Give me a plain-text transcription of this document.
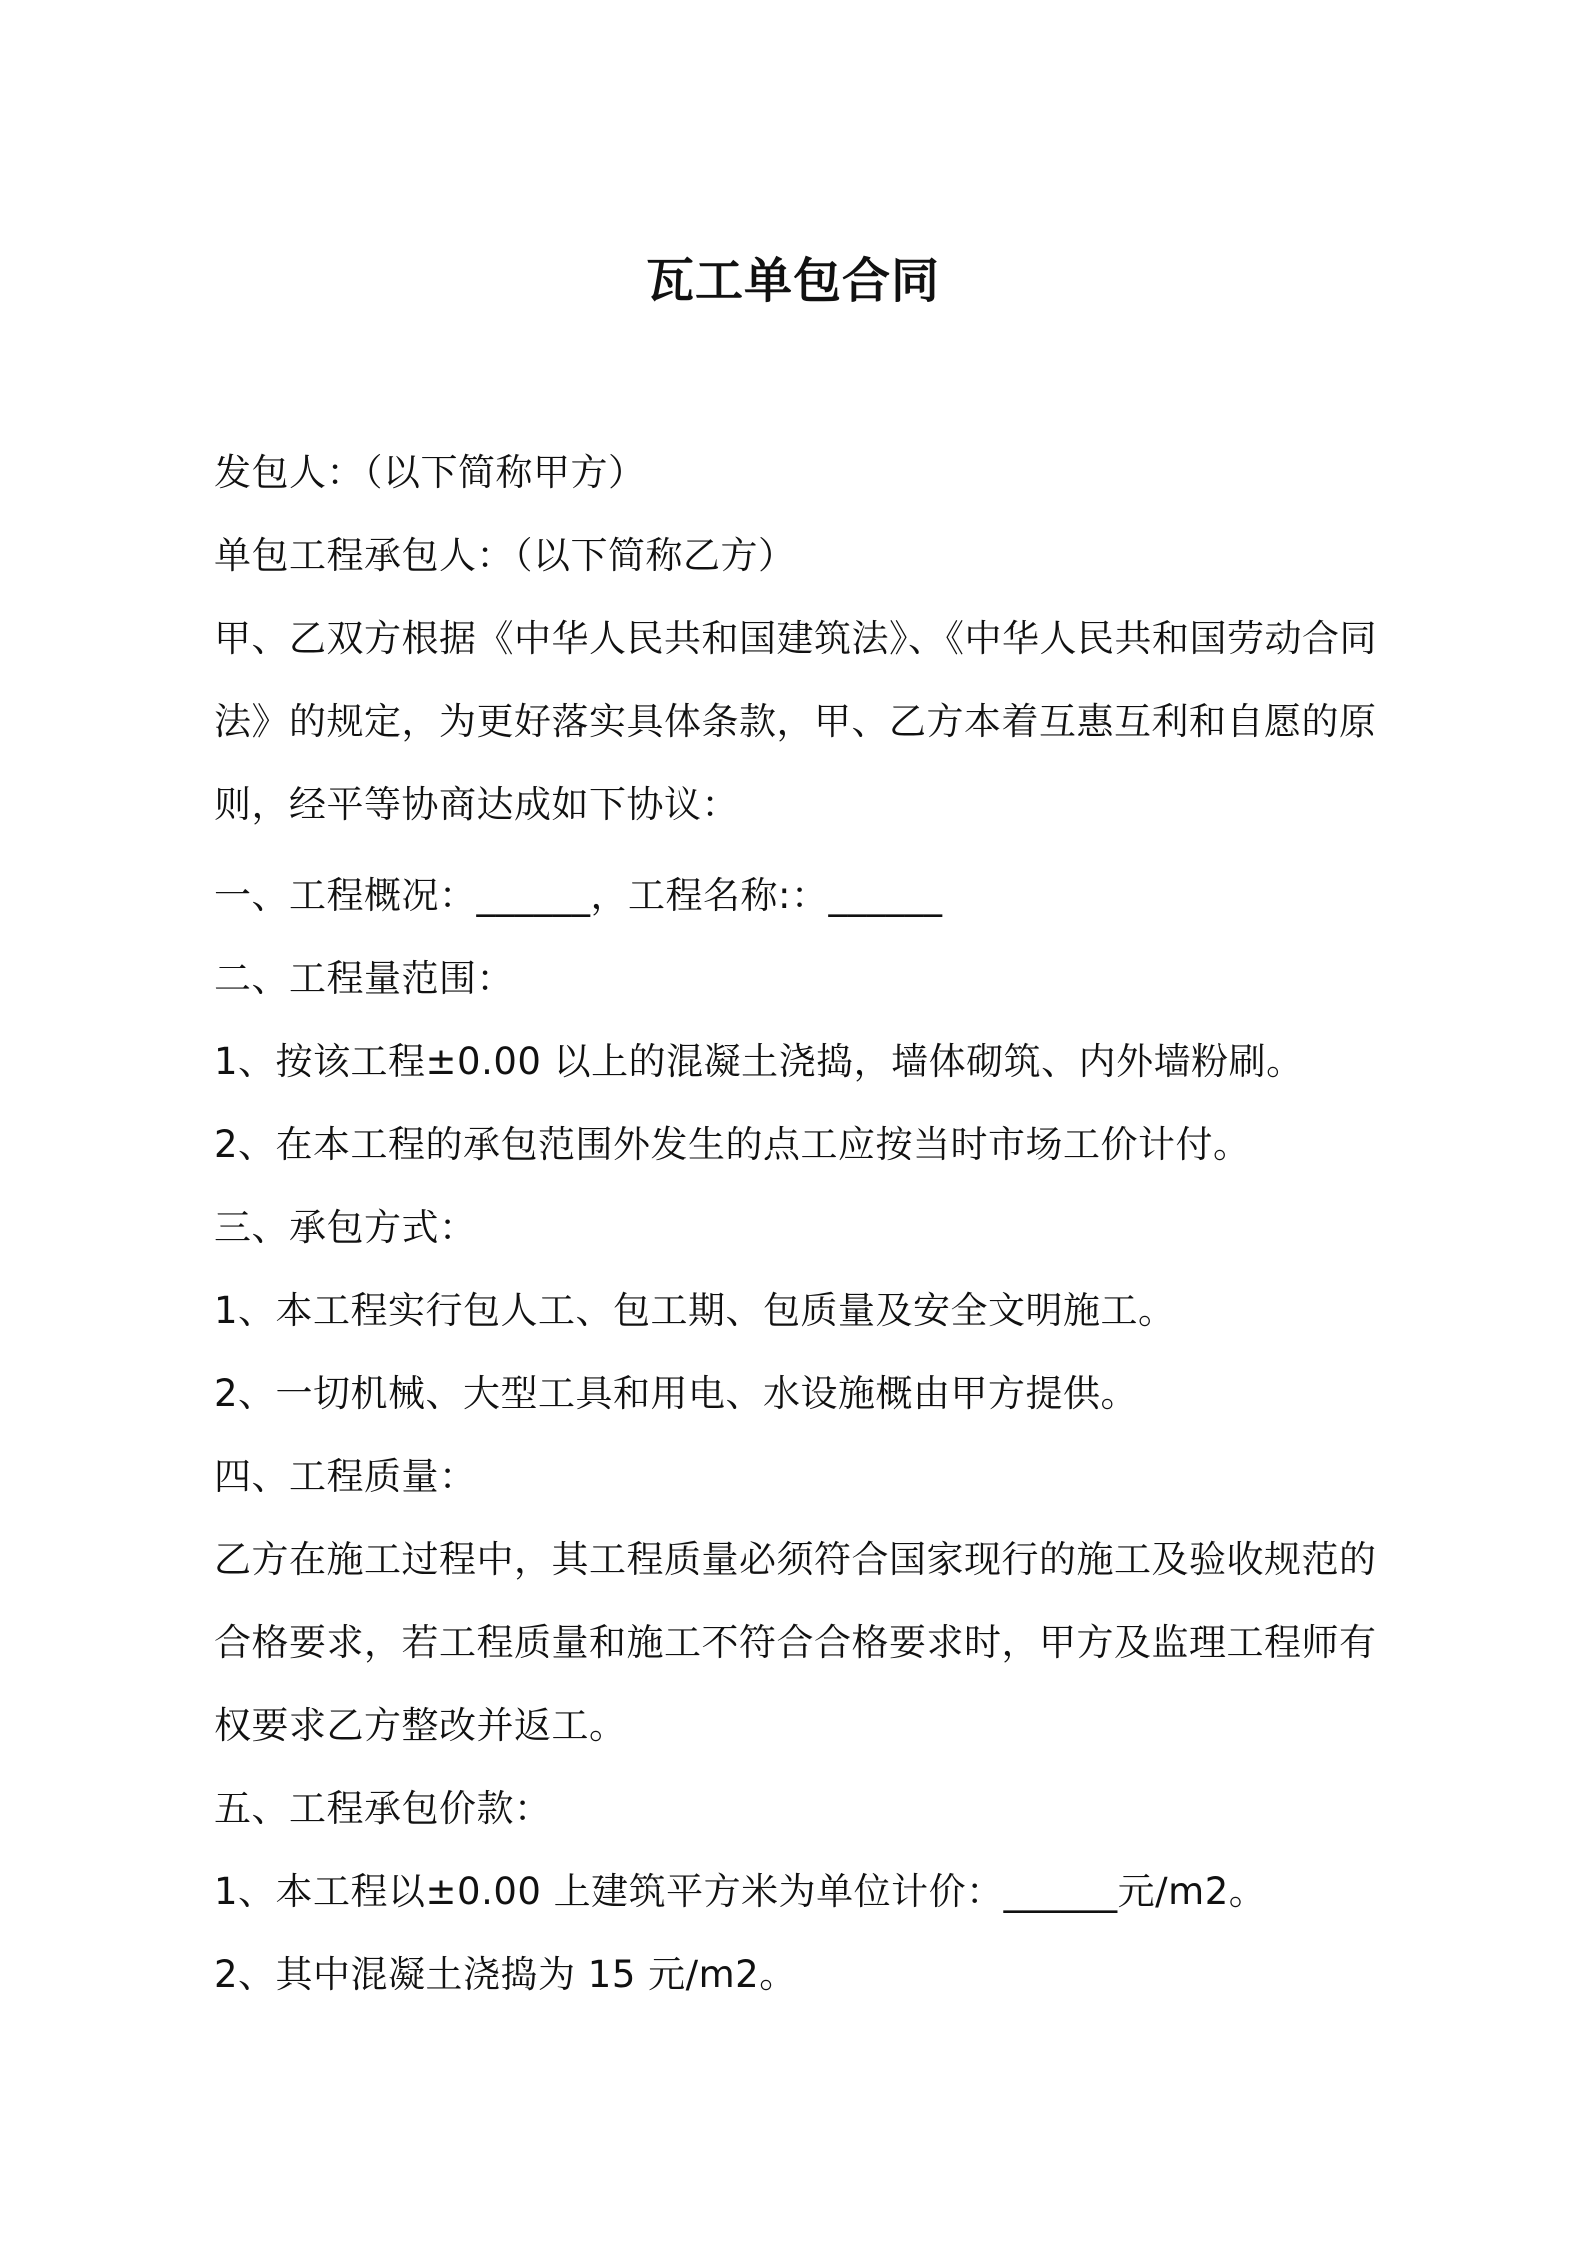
瓦工单包合同
发包人：（以下简称甲方）
单包工程承包人：（以下简称乙方）
甲、乙双方根据《中华人民共和国建筑法》、《中华人民共和国劳动合同
法》的规定，为更好落实具体条款，甲、乙方本着互惠互利和自愿的原
则，经平等协商达成如下协议：
一、工程概况：______，工程名称:：______
二、工程量范围：
1、按该工程±0.00 以上的混凝土浇捣，墙体砌筑、内外墙粉刷。
2、在本工程的承包范围外发生的点工应按当时市场工价计付。
三、承包方式：
1、本工程实行包人工、包工期、包质量及安全文明施工。
2、一切机械、大型工具和用电、水设施概由甲方提供。
四、工程质量：
乙方在施工过程中，其工程质量必须符合国家现行的施工及验收规范的
合格要求，若工程质量和施工不符合合格要求时，甲方及监理工程师有
权要求乙方整改并返工。
五、工程承包价款：
1、本工程以±0.00 上建筑平方米为单位计价：______元/m2。
2、其中混凝土浇捣为 15 元/m2。
